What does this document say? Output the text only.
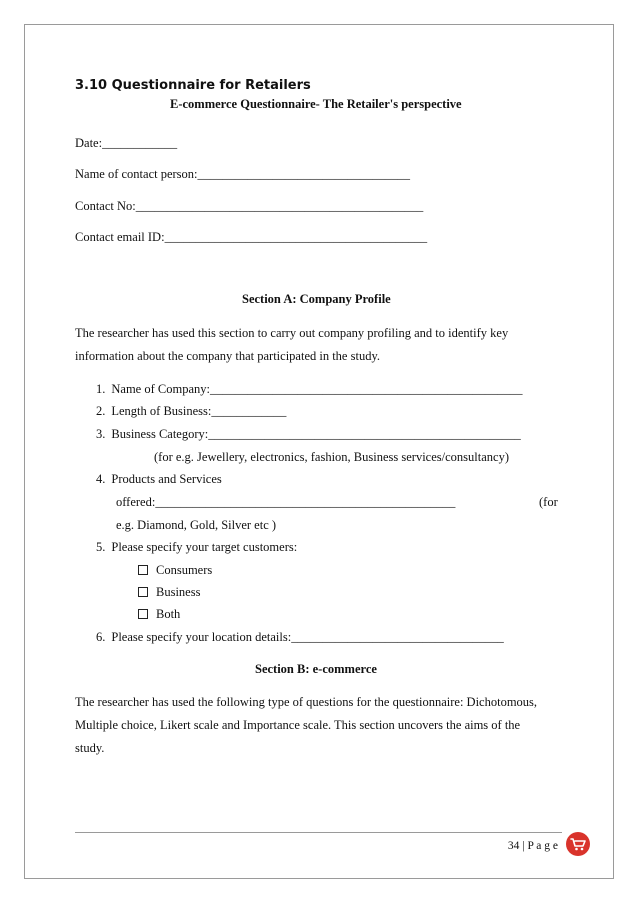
3.10 Questionnaire for Retailers
E-commerce Questionnaire- The Retailer's perspective
Date:____________
Name of contact person:__________________________________
Contact No:______________________________________________
Contact email ID:__________________________________________
Section A: Company Profile
The researcher has used this section to carry out company profiling and to identify key
information about the company that participated in the study.
1. Name of Company:__________________________________________________
2. Length of Business:____________
3. Business Category:__________________________________________________
(for e.g. Jewellery, electronics, fashion, Business services/consultancy)
4. Products and Services
offered:________________________________________________	(for
e.g. Diamond, Gold, Silver etc )
5. Please specify your target customers:
Consumers
Business
Both
6. Please specify your location details:__________________________________
Section B: e-commerce
The researcher has used the following type of questions for the questionnaire: Dichotomous,
Multiple choice, Likert scale and Importance scale. This section uncovers the aims of the
study.
34 | P a g e
